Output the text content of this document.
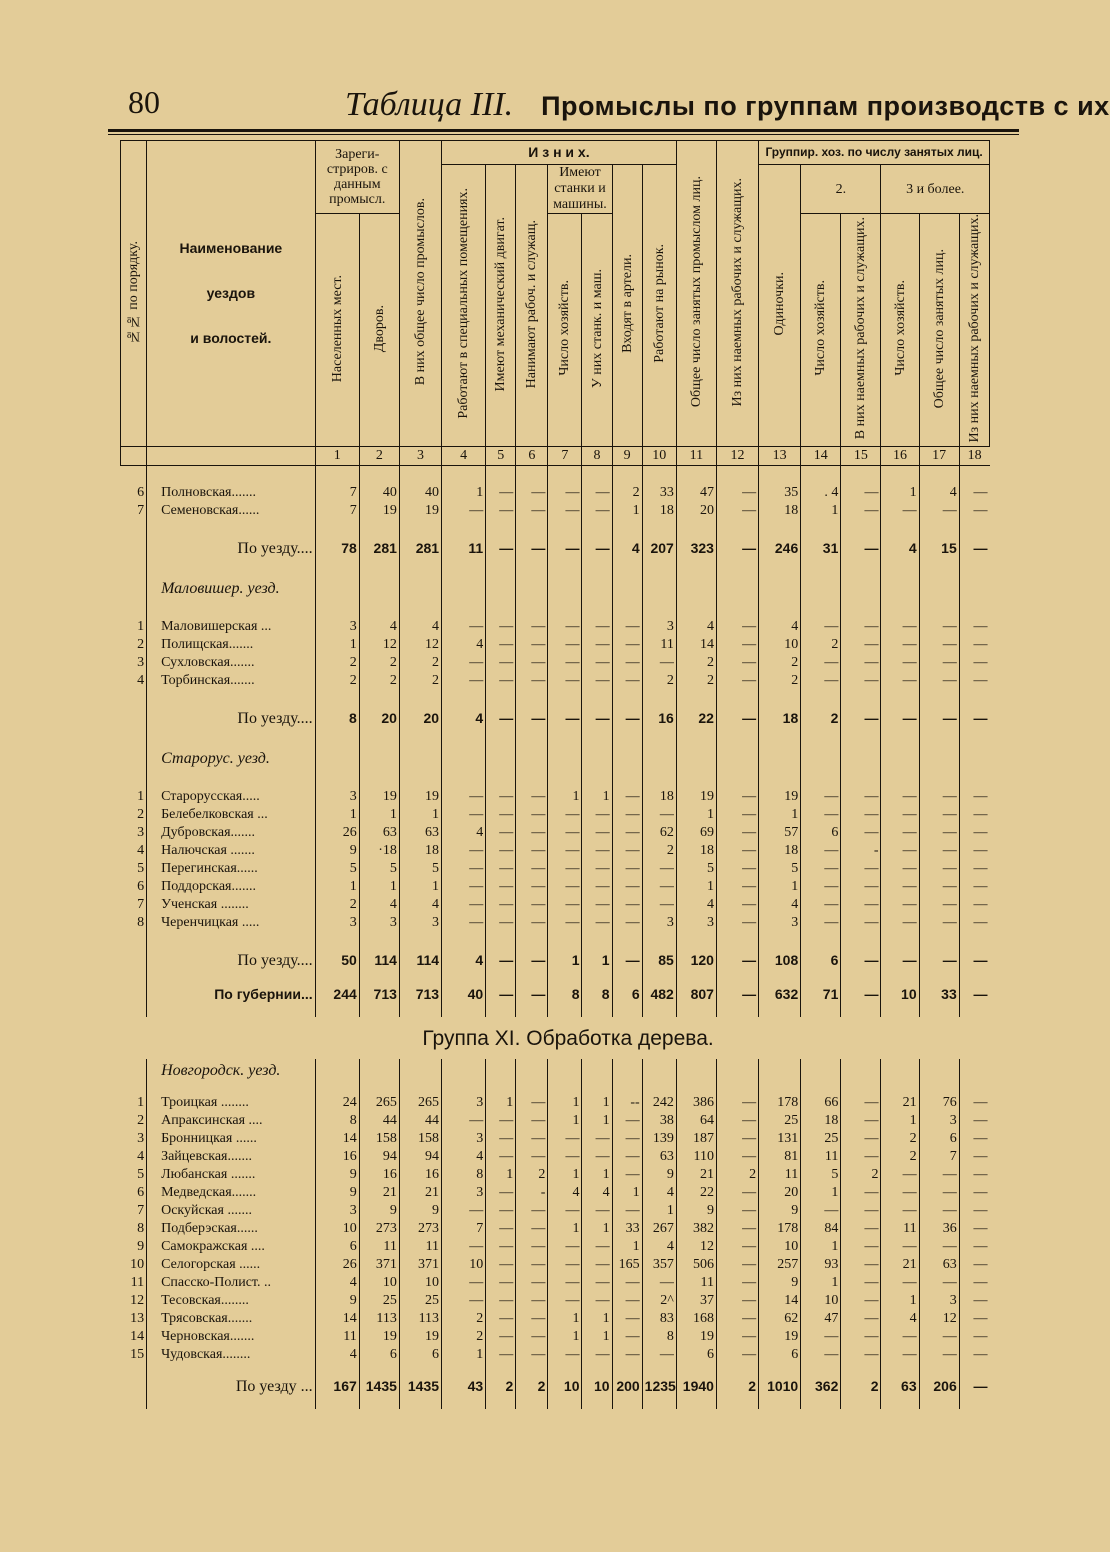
80	Таблица III. Промыслы по группам производств с их
№№ по порядку.	Наименование
уездов
и волостей.	Зареги-стриров. с данным промысл.		В них общее число промыслов.	И з н и х.							Общее число занятых промыслом лиц.	Из них наемных рабочих и служащих.	Группир. хоз. по числу занятых лиц.					
					Работают в специальных помещениях.	Имеют механический двигат.	Нанимают рабоч. и служащ.	Имеют станки и машины.		Входят в артели.	Работают на рынок.			Одиночки.	2.		3 и более.		
		Населенных мест.	Дворов.					Число хозяйств.	У них станк. и маш.						Число хозяйств.	В них наемных рабочих и служащих.	Число хозяйств.	Общее число занятых лиц.	Из них наемных рабочих и служащих.

		1	2	3	4	5	6	7	8	9	10	11	12	13	14	15	16	17	18

6	Полновская.......	7	40	40	1	—	—	—	—	2	33	47	—	35	. 4	—	1	4	—
7	Семеновская......	7	19	19	—	—	—	—	—	1	18	20	—	18	1	—	—	—	—

	По уезду....	78	281	281	11	—	—	—	—	4	207	323	—	246	31	—	4	15	—

	Маловишер. уезд.																		

1	Маловишерская ...	3	4	4	—	—	—	—	—	—	3	4	—	4	—	—	—	—	—
2	Полищская.......	1	12	12	4	—	—	—	—	—	11	14	—	10	2	—	—	—	—
3	Сухловская.......	2	2	2	—	—	—	—	—	—	—	2	—	2	—	—	—	—	—
4	Торбинская.......	2	2	2	—	—	—	—	—	—	2	2	—	2	—	—	—	—	—

	По уезду....	8	20	20	4	—	—	—	—	—	16	22	—	18	2	—	—	—	—

	Старорус. уезд.																		

1	Старорусская.....	3	19	19	—	—	—	1	1	—	18	19	—	19	—	—	—	—	—
2	Белебелковская ...	1	1	1	—	—	—	—	—	—	—	1	—	1	—	—	—	—	—
3	Дубровская.......	26	63	63	4	—	—	—	—	—	62	69	—	57	6	—	—	—	—
4	Налючская .......	9	·18	18	—	—	—	—	—	—	2	18	—	18	—	-	—	—	—
5	Перегинская......	5	5	5	—	—	—	—	—	—	—	5	—	5	—	—	—	—	—
6	Поддорская.......	1	1	1	—	—	—	—	—	—	—	1	—	1	—	—	—	—	—
7	Ученская ........	2	4	4	—	—	—	—	—	—	—	4	—	4	—	—	—	—	—
8	Черенчицкая .....	3	3	3	—	—	—	—	—	—	3	3	—	3	—	—	—	—	—

	По уезду....	50	114	114	4	—	—	1	1	—	85	120	—	108	6	—	—	—	—

	По губернии...	244	713	713	40	—	—	8	8	6	482	807	—	632	71	—	10	33	—

	Группа XI. Обработка дерева.																		
	Новгородск. уезд.																		

1	Троицкая ........	24	265	265	3	1	—	1	1	--	242	386	—	178	66	—	21	76	—
2	Апраксинская ....	8	44	44	—	—	—	1	1	—	38	64	—	25	18	—	1	3	—
3	Бронницкая ......	14	158	158	3	—	—	—	—	—	139	187	—	131	25	—	2	6	—
4	Зайцевская.......	16	94	94	4	—	—	—	—	—	63	110	—	81	11	—	2	7	—
5	Любанская .......	9	16	16	8	1	2	1	1	—	9	21	2	11	5	2	—	—	—
6	Медведская.......	9	21	21	3	—	-	4	4	1	4	22	—	20	1	—	—	—	—
7	Оскуйская .......	3	9	9	—	—	—	—	—	—	1	9	—	9	—	—	—	—	—
8	Подберэская......	10	273	273	7	—	—	1	1	33	267	382	—	178	84	—	11	36	—
9	Самокражская ....	6	11	11	—	—	—	—	—	1	4	12	—	10	1	—	—	—	—
10	Селогорская ......	26	371	371	10	—	—	—	—	165	357	506	—	257	93	—	21	63	—
11	Спасско-Полист. ..	4	10	10	—	—	—	—	—	—	—	11	—	9	1	—	—	—	—
12	Тесовская........	9	25	25	—	—	—	—	—	—	2^	37	—	14	10	—	1	3	—
13	Трясовская.......	14	113	113	2	—	—	1	1	—	83	168	—	62	47	—	4	12	—
14	Черновская.......	11	19	19	2	—	—	1	1	—	8	19	—	19	—	—	—	—	—
15	Чудовская........	4	6	6	1	—	—	—	—	—	—	6	—	6	—	—	—	—	—

	По уезду ...	167	1435	1435	43	2	2	10	10	200	1235	1940	2	1010	362	2	63	206	—
